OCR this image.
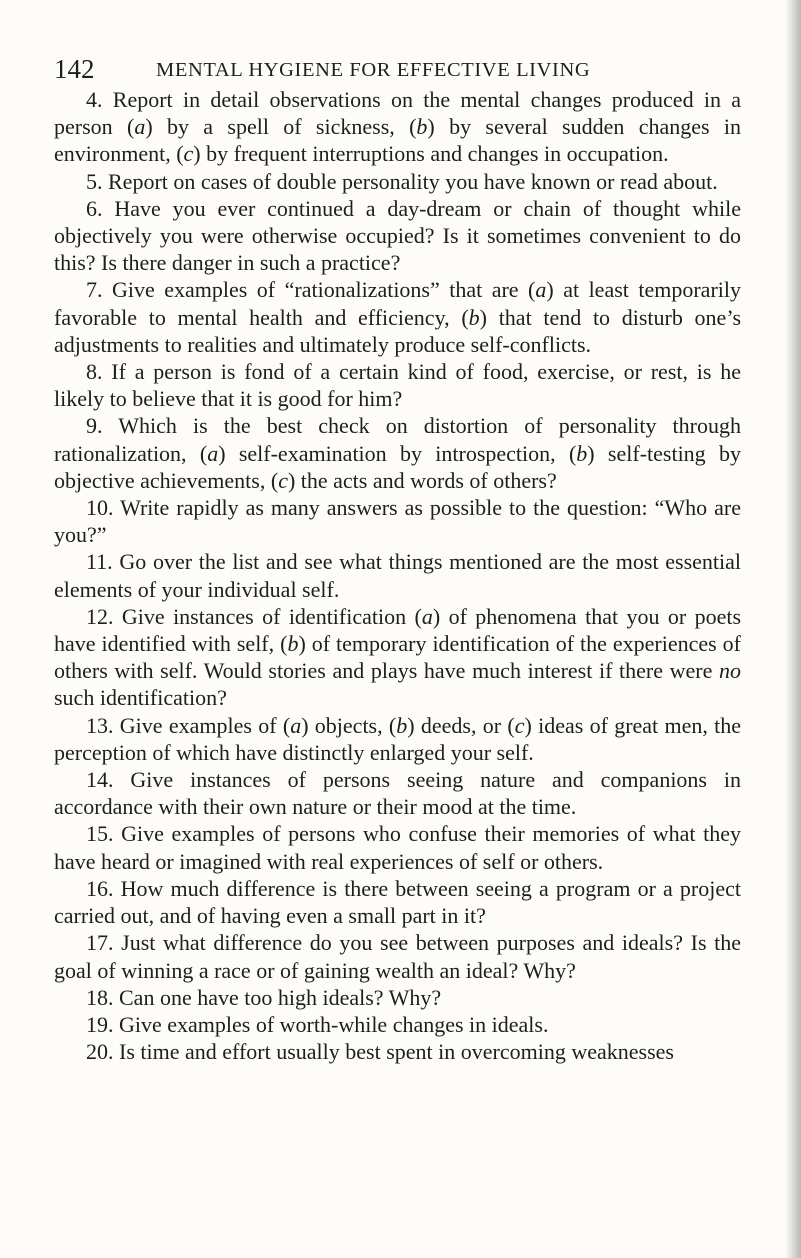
142	MENTAL HYGIENE FOR EFFECTIVE LIVING

4. Report in detail observations on the mental changes produced in a person (a) by a spell of sickness, (b) by several sudden changes in environment, (c) by frequent interruptions and changes in occupation.

5. Report on cases of double personality you have known or read about.

6. Have you ever continued a day-dream or chain of thought while objectively you were otherwise occupied? Is it sometimes convenient to do this? Is there danger in such a practice?

7. Give examples of “rationalizations” that are (a) at least temporarily favorable to mental health and efficiency, (b) that tend to disturb one’s adjustments to realities and ultimately produce self-conflicts.

8. If a person is fond of a certain kind of food, exercise, or rest, is he likely to believe that it is good for him?

9. Which is the best check on distortion of personality through rationalization, (a) self-examination by introspection, (b) self-testing by objective achievements, (c) the acts and words of others?

10. Write rapidly as many answers as possible to the question: “Who are you?”

11. Go over the list and see what things mentioned are the most essential elements of your individual self.

12. Give instances of identification (a) of phenomena that you or poets have identified with self, (b) of temporary identification of the experiences of others with self. Would stories and plays have much interest if there were no such identification?

13. Give examples of (a) objects, (b) deeds, or (c) ideas of great men, the perception of which have distinctly enlarged your self.

14. Give instances of persons seeing nature and companions in accordance with their own nature or their mood at the time.

15. Give examples of persons who confuse their memories of what they have heard or imagined with real experiences of self or others.

16. How much difference is there between seeing a program or a project carried out, and of having even a small part in it?

17. Just what difference do you see between purposes and ideals? Is the goal of winning a race or of gaining wealth an ideal? Why?

18. Can one have too high ideals? Why?

19. Give examples of worth-while changes in ideals.

20. Is time and effort usually best spent in overcoming weaknesses
